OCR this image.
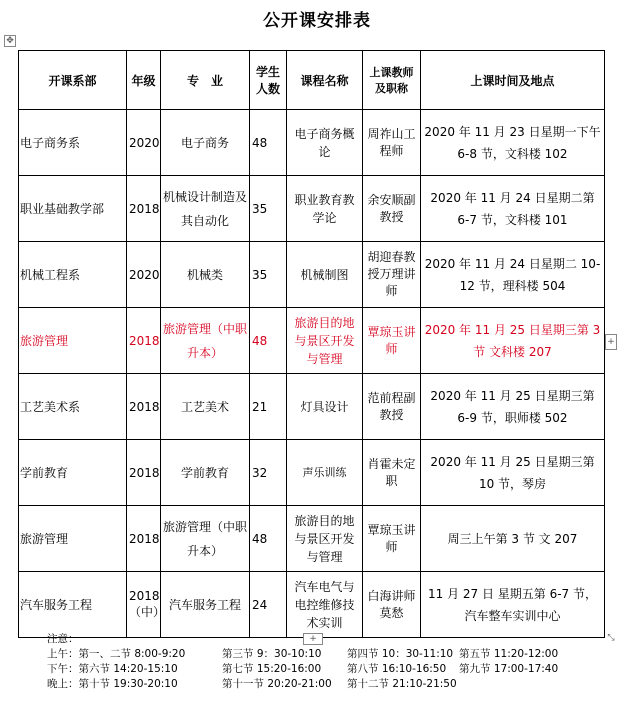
公开课安排表
✥
开课系部	年级	专　业	学生人数	课程名称	上课教师及职称	上课时间及地点
电子商务系	2020	电子商务	48	电子商务概论	周祚山工程师	2020 年 11 月 23 日星期一下午 6-8 节，文科楼 102
职业基础教学部	2018	机械设计制造及其自动化	35	职业教育教学论	余安顺副教授	2020 年 11 月 24 日星期二第 6-7 节，文科楼 101
机械工程系	2020	机械类	35	机械制图	胡迎春教授万理讲师	2020 年 11 月 24 日星期二 10-12 节，理科楼 504
旅游管理	2018	旅游管理（中职升本）	48	旅游目的地与景区开发与管理	覃琼玉讲师	2020 年 11 月 25 日星期三第 3 节 文科楼 207
工艺美术系	2018	工艺美术	21	灯具设计	范前程副教授	2020 年 11 月 25 日星期三第 6-9 节，职师楼 502
学前教育	2018	学前教育	32	声乐训练	肖霍未定职	2020 年 11 月 25 日星期三第 10 节，琴房
旅游管理	2018	旅游管理（中职升本）	48	旅游目的地与景区开发与管理	覃琼玉讲师	周三上午第 3 节 文 207
汽车服务工程	2018（中）	汽车服务工程	24	汽车电气与电控维修技术实训	白海讲师莫愁	11 月 27 日 星期五第 6-7 节，汽车整车实训中心
+
+	⤡
注意：
上午：第一、二节 8:00-9:20	第三节 9：30-10:10 第四节 10：30-11:10 第五节 11:20-12:00
下午：第六节 14:20-15:10	第七节 15:20-16:00 第八节 16:10-16:50 第九节 17:00-17:40
晚上：第十节 19:30-20:10	第十一节 20:20-21:00 第十二节 21:10-21:50
